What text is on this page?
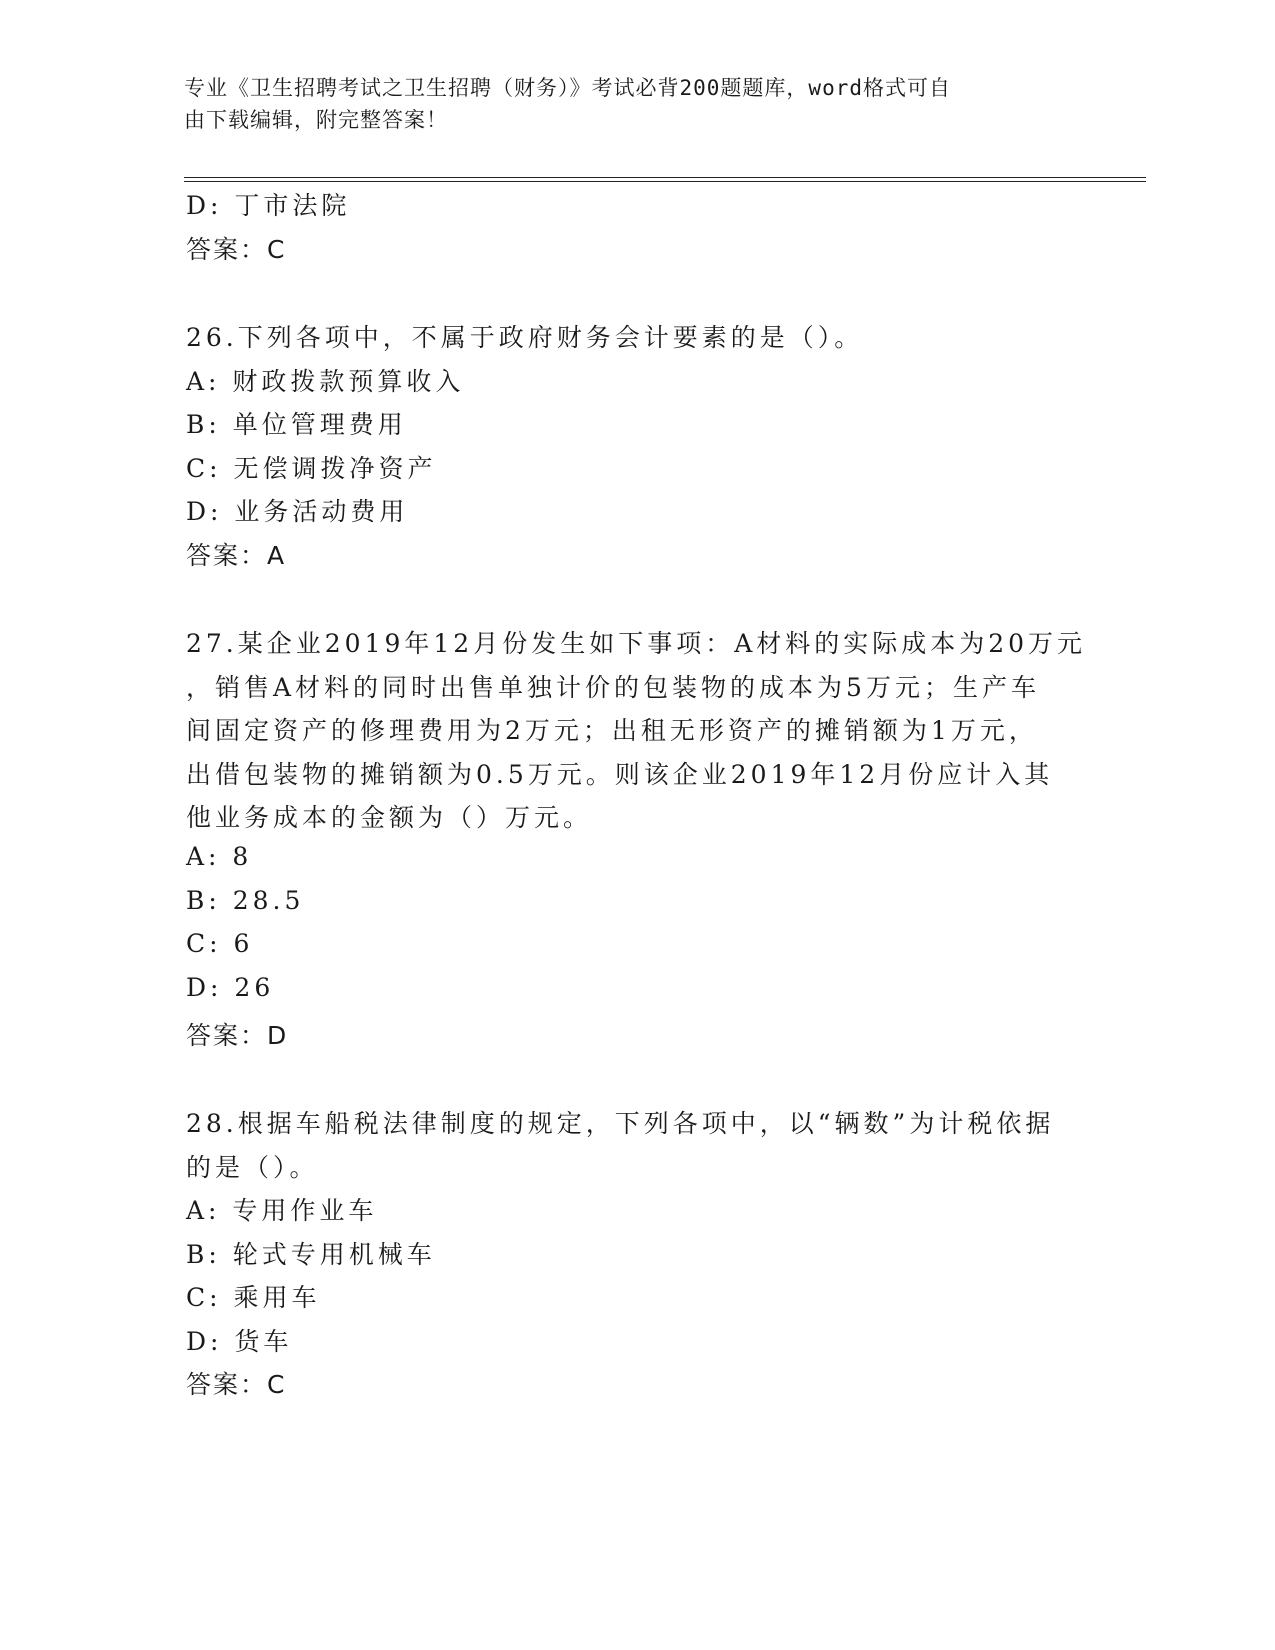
专业《卫生招聘考试之卫生招聘（财务）》考试必背200题题库，word格式可自
由下载编辑，附完整答案！
D: 丁市法院
答案：C
26.下列各项中，不属于政府财务会计要素的是（）。
A: 财政拨款预算收入
B: 单位管理费用
C: 无偿调拨净资产
D: 业务活动费用
答案：A
27.某企业2019年12月份发生如下事项：A材料的实际成本为20万元
，销售A材料的同时出售单独计价的包装物的成本为5万元；生产车
间固定资产的修理费用为2万元；出租无形资产的摊销额为1万元，
出借包装物的摊销额为0.5万元。则该企业2019年12月份应计入其
他业务成本的金额为（）万元。
A: 8
B: 28.5
C: 6
D: 26
答案：D
28.根据车船税法律制度的规定，下列各项中，以“辆数”为计税依据
的是（）。
A: 专用作业车
B: 轮式专用机械车
C: 乘用车
D: 货车
答案：C
